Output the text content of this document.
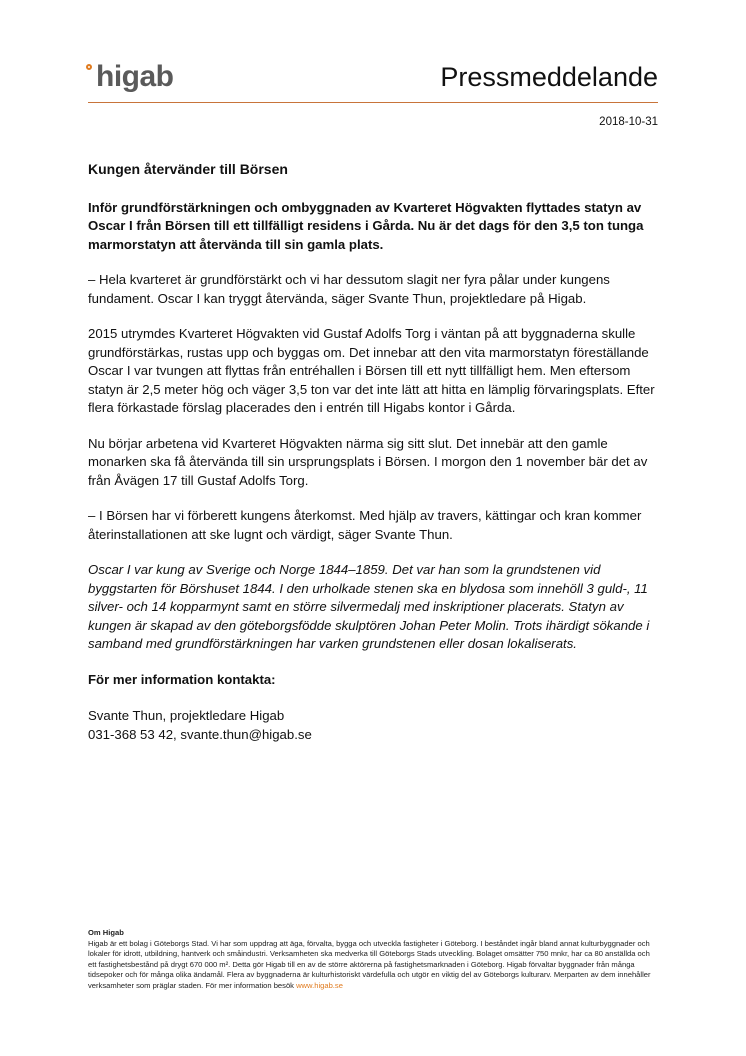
higab	Pressmeddelande
2018-10-31

Kungen återvänder till Börsen

Inför grundförstärkningen och ombyggnaden av Kvarteret Högvakten flyttades statyn av Oscar I från Börsen till ett tillfälligt residens i Gårda. Nu är det dags för den 3,5 ton tunga marmorstatyn att återvända till sin gamla plats.

– Hela kvarteret är grundförstärkt och vi har dessutom slagit ner fyra pålar under kungens fundament. Oscar I kan tryggt återvända, säger Svante Thun, projektledare på Higab.

2015 utrymdes Kvarteret Högvakten vid Gustaf Adolfs Torg i väntan på att byggnaderna skulle grundförstärkas, rustas upp och byggas om. Det innebar att den vita marmorstatyn föreställande Oscar I var tvungen att flyttas från entréhallen i Börsen till ett nytt tillfälligt hem. Men eftersom statyn är 2,5 meter hög och väger 3,5 ton var det inte lätt att hitta en lämplig förvaringsplats. Efter flera förkastade förslag placerades den i entrén till Higabs kontor i Gårda.

Nu börjar arbetena vid Kvarteret Högvakten närma sig sitt slut. Det innebär att den gamle monarken ska få återvända till sin ursprungsplats i Börsen. I morgon den 1 november bär det av från Åvägen 17 till Gustaf Adolfs Torg.

– I Börsen har vi förberett kungens återkomst. Med hjälp av travers, kättingar och kran kommer återinstallationen att ske lugnt och värdigt, säger Svante Thun.

Oscar I var kung av Sverige och Norge 1844–1859. Det var han som la grundstenen vid byggstarten för Börshuset 1844. I den urholkade stenen ska en blydosa som innehöll 3 guld-, 11 silver- och 14 kopparmynt samt en större silvermedalj med inskriptioner placerats. Statyn av kungen är skapad av den göteborgsfödde skulptören Johan Peter Molin. Trots ihärdigt sökande i samband med grundförstärkningen har varken grundstenen eller dosan lokaliserats.

För mer information kontakta:

Svante Thun, projektledare Higab

031-368 53 42, svante.thun@higab.se

Om Higab

Higab är ett bolag i Göteborgs Stad. Vi har som uppdrag att äga, förvalta, bygga och utveckla fastigheter i Göteborg. I beståndet ingår bland annat kulturbyggnader och lokaler för idrott, utbildning, hantverk och småindustri. Verksamheten ska medverka till Göteborgs Stads utveckling. Bolaget omsätter 750 mnkr, har ca 80 anställda och ett fastighetsbestånd på drygt 670 000 m². Detta gör Higab till en av de större aktörerna på fastighetsmarknaden i Göteborg. Higab förvaltar byggnader från många tidsepoker och för många olika ändamål. Flera av byggnaderna är kulturhistoriskt värdefulla och utgör en viktig del av Göteborgs kulturarv. Merparten av dem innehåller verksamheter som präglar staden. För mer information besök www.higab.se
